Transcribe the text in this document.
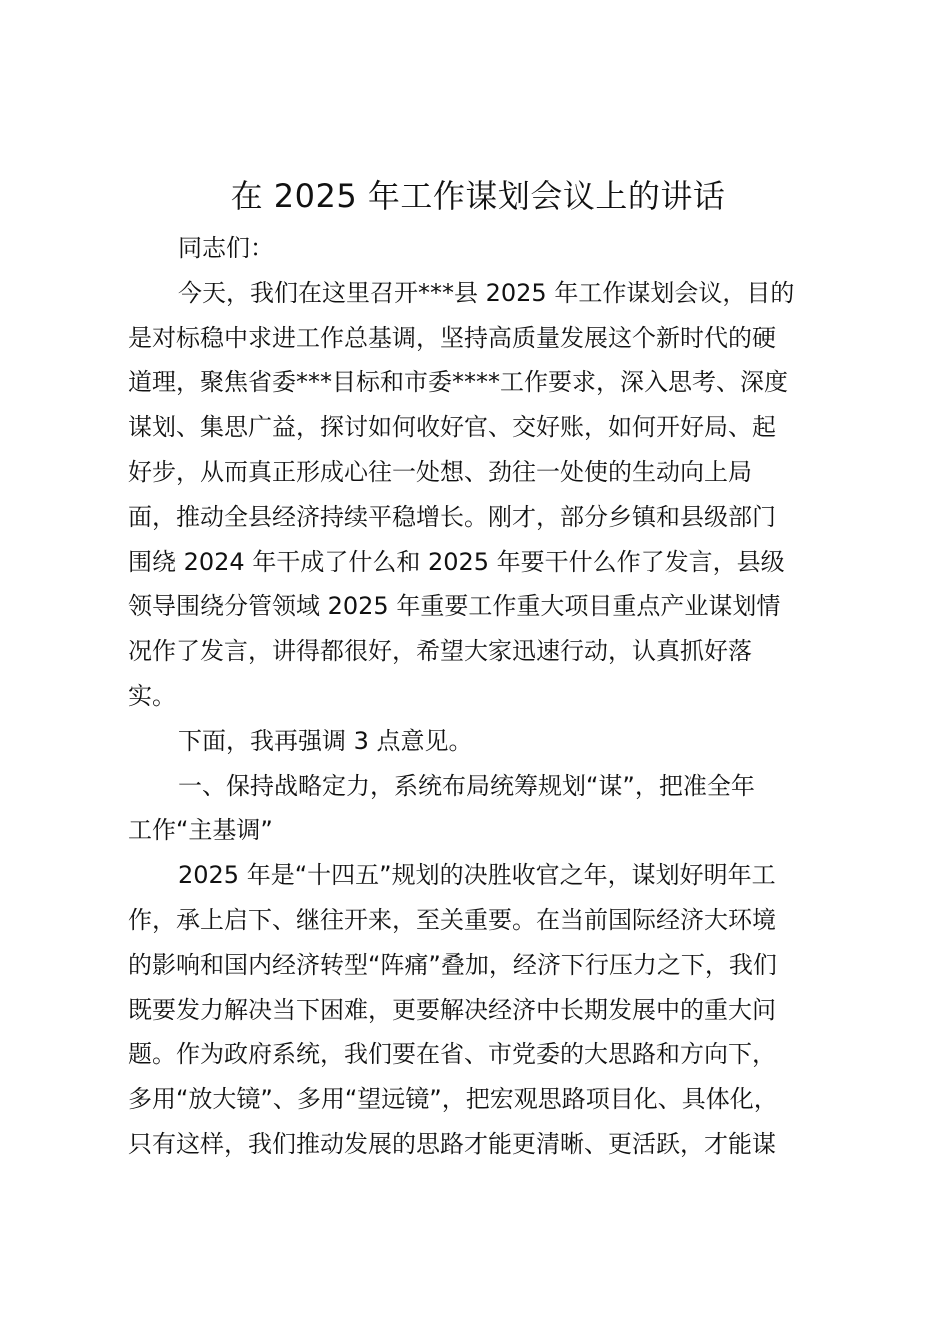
在 2025 年工作谋划会议上的讲话
同志们：
今天，我们在这里召开***县 2025 年工作谋划会议，目的
是对标稳中求进工作总基调，坚持高质量发展这个新时代的硬
道理，聚焦省委***目标和市委****工作要求，深入思考、深度
谋划、集思广益，探讨如何收好官、交好账，如何开好局、起
好步，从而真正形成心往一处想、劲往一处使的生动向上局
面，推动全县经济持续平稳增长。刚才，部分乡镇和县级部门
围绕 2024 年干成了什么和 2025 年要干什么作了发言，县级
领导围绕分管领域 2025 年重要工作重大项目重点产业谋划情
况作了发言，讲得都很好，希望大家迅速行动，认真抓好落
实。
下面，我再强调 3 点意见。
一、保持战略定力，系统布局统筹规划“谋”，把准全年
工作“主基调”
2025 年是“十四五”规划的决胜收官之年，谋划好明年工
作，承上启下、继往开来，至关重要。在当前国际经济大环境
的影响和国内经济转型“阵痛”叠加，经济下行压力之下，我们
既要发力解决当下困难，更要解决经济中长期发展中的重大问
题。作为政府系统，我们要在省、市党委的大思路和方向下，
多用“放大镜”、多用“望远镜”，把宏观思路项目化、具体化，
只有这样，我们推动发展的思路才能更清晰、更活跃，才能谋
